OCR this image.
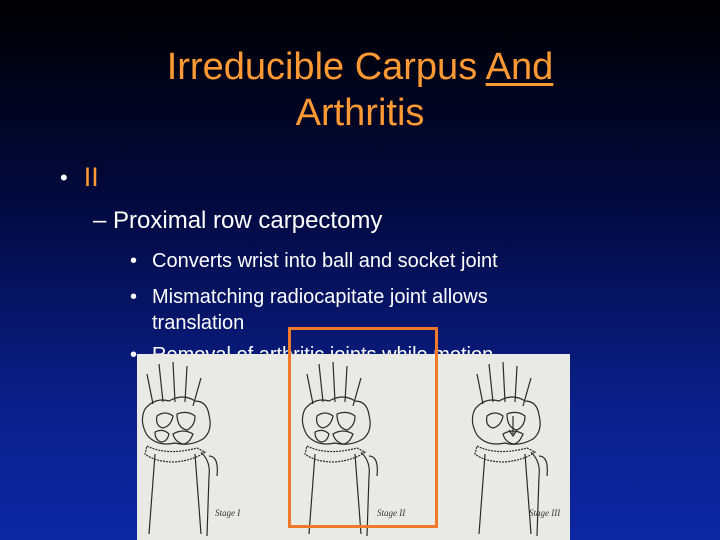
Irreducible Carpus And
Arthritis
• II
– Proximal row carpectomy
• Converts wrist into ball and socket joint
• Mismatching radiocapitate joint allows
translation
•
Stage I	Stage II	Stage III
